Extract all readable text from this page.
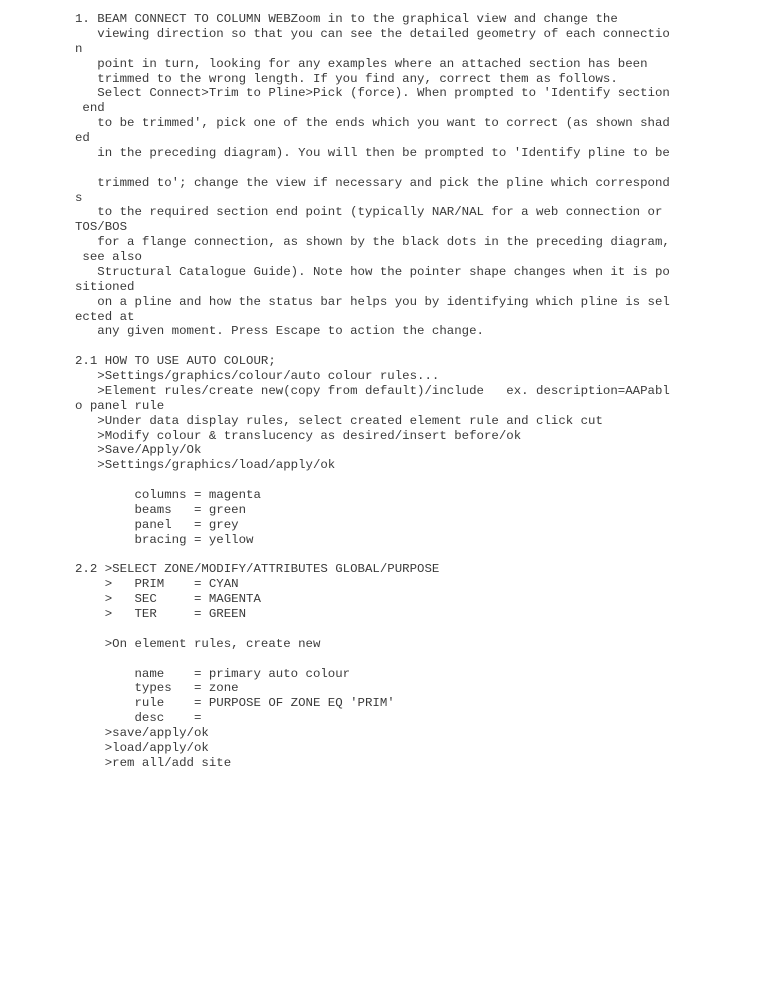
1. BEAM CONNECT TO COLUMN WEBZoom in to the graphical view and change the
viewing direction so that you can see the detailed geometry of each connectio
n
point in turn, looking for any examples where an attached section has been
trimmed to the wrong length. If you find any, correct them as follows.
Select Connect>Trim to Pline>Pick (force). When prompted to 'Identify section
end
to be trimmed', pick one of the ends which you want to correct (as shown shad
ed
in the preceding diagram). You will then be prompted to 'Identify pline to be
trimmed to'; change the view if necessary and pick the pline which correspond
s
to the required section end point (typically NAR/NAL for a web connection or
TOS/BOS
for a flange connection, as shown by the black dots in the preceding diagram,
see also
Structural Catalogue Guide). Note how the pointer shape changes when it is po
sitioned
on a pline and how the status bar helps you by identifying which pline is sel
ected at
any given moment. Press Escape to action the change.
2.1 HOW TO USE AUTO COLOUR;
>Settings/graphics/colour/auto colour rules...
>Element rules/create new(copy from default)/include   ex. description=AAPabl
o panel rule
>Under data display rules, select created element rule and click cut
>Modify colour & translucency as desired/insert before/ok
>Save/Apply/Ok
>Settings/graphics/load/apply/ok
columns = magenta
beams   = green
panel   = grey
bracing = yellow
2.2 >SELECT ZONE/MODIFY/ATTRIBUTES GLOBAL/PURPOSE
>   PRIM    = CYAN
>   SEC     = MAGENTA
>   TER     = GREEN
>On element rules, create new
name    = primary auto colour
types   = zone
rule    = PURPOSE OF ZONE EQ 'PRIM'
desc    =
>save/apply/ok
>load/apply/ok
>rem all/add site
